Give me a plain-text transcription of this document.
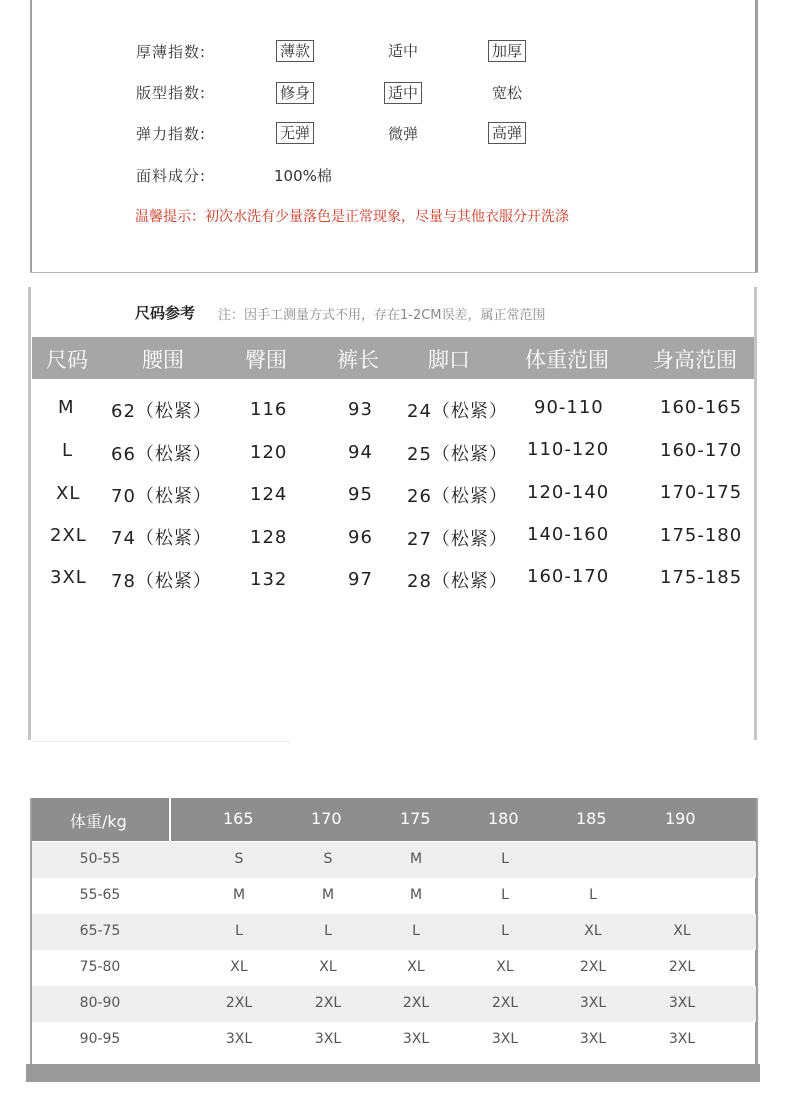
厚薄指数:	薄款	适中	加厚
版型指数:	修身	适中	宽松
弹力指数:	无弹	微弹	高弹
面料成分:	100%棉
温馨提示：初次水洗有少量落色是正常现象，尽量与其他衣服分开洗涤
尺码参考 注：因手工测量方式不用，存在1-2CM误差，属正常范围
尺码	腰围	臀围 裤长 脚口	体重范围 身高范围
M 62（松紧） 116	93 24（松紧） 90-110	160-165
L 66（松紧） 120	94 25（松紧） 110-120	160-170
XL 70（松紧） 124	95 26（松紧） 120-140	170-175
2XL 74（松紧） 128	96 27（松紧） 140-160	175-180
3XL 78（松紧） 132	97 28（松紧） 160-170	175-185
体重/kg	165	170	175	180	185	190
50-55	S	S	M	L
55-65	M	M	M	L	L
65-75	L	L	L	L	XL	XL
75-80	XL	XL	XL	XL	2XL	2XL
80-90	2XL	2XL	2XL	2XL	3XL	3XL
90-95	3XL	3XL	3XL	3XL	3XL	3XL
